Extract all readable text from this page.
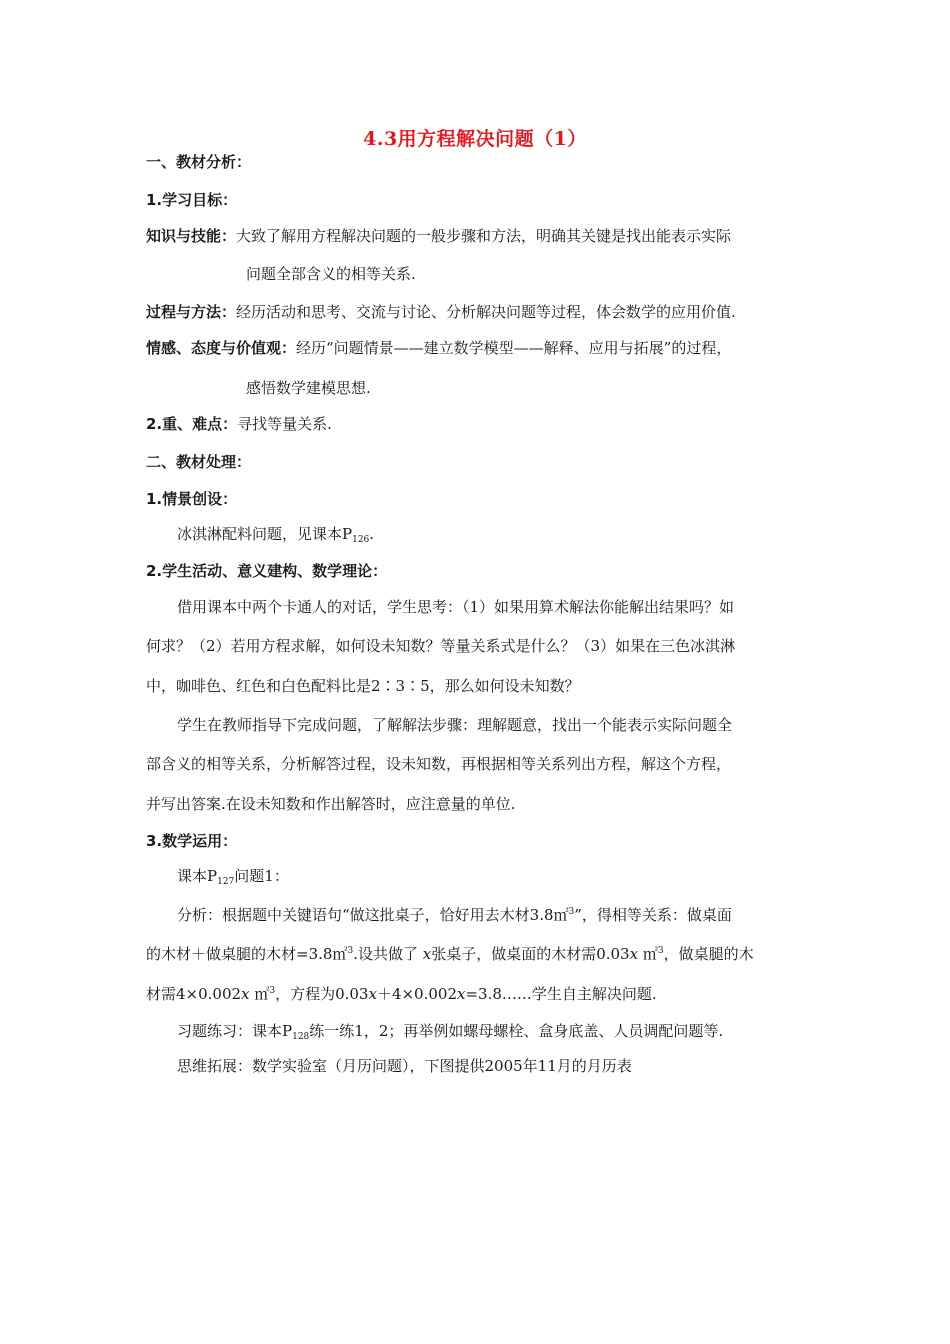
4.3用方程解决问题（1）
一、教材分析：
1.学习目标：
知识与技能：大致了解用方程解决问题的一般步骤和方法，明确其关键是找出能表示实际
问题全部含义的相等关系.
过程与方法：经历活动和思考、交流与讨论、分析解决问题等过程，体会数学的应用价值.
情感、态度与价值观：经历“问题情景——建立数学模型——解释、应用与拓展”的过程，
感悟数学建模思想.
2.重、难点：寻找等量关系.
二、教材处理：
1.情景创设：
冰淇淋配料问题，见课本$P_{126}$.
2.学生活动、意义建构、数学理论：
借用课本中两个卡通人的对话，学生思考：（1）如果用算术解法你能解出结果吗？如
何求？（2）若用方程求解，如何设未知数？等量关系式是什么？（3）如果在三色冰淇淋
中，咖啡色、红色和白色配料比是2∶3∶5，那么如何设未知数？
学生在教师指导下完成问题，了解解法步骤：理解题意，找出一个能表示实际问题全
部含义的相等关系，分析解答过程，设未知数，再根据相等关系列出方程，解这个方程，
并写出答案.在设未知数和作出解答时，应注意量的单位.
3.数学运用：
课本$P_{127}$问题1：
分析：根据题中关键语句“做这批桌子，恰好用去木材3.8㎡$^3$”，得相等关系：做桌面
的木材＋做桌腿的木材=3.8㎡$^3$.设共做了 x张桌子，做桌面的木材需0.03x ㎡$^3$，做桌腿的木
材需4×0.002x ㎡$^3$，方程为0.03x＋4×0.002x=3.8……学生自主解决问题.
习题练习：课本$P_{128}$练一练1，2；再举例如螺母螺栓、盒身底盖、人员调配问题等.
思维拓展：数学实验室（月历问题），下图提供2005年11月的月历表
